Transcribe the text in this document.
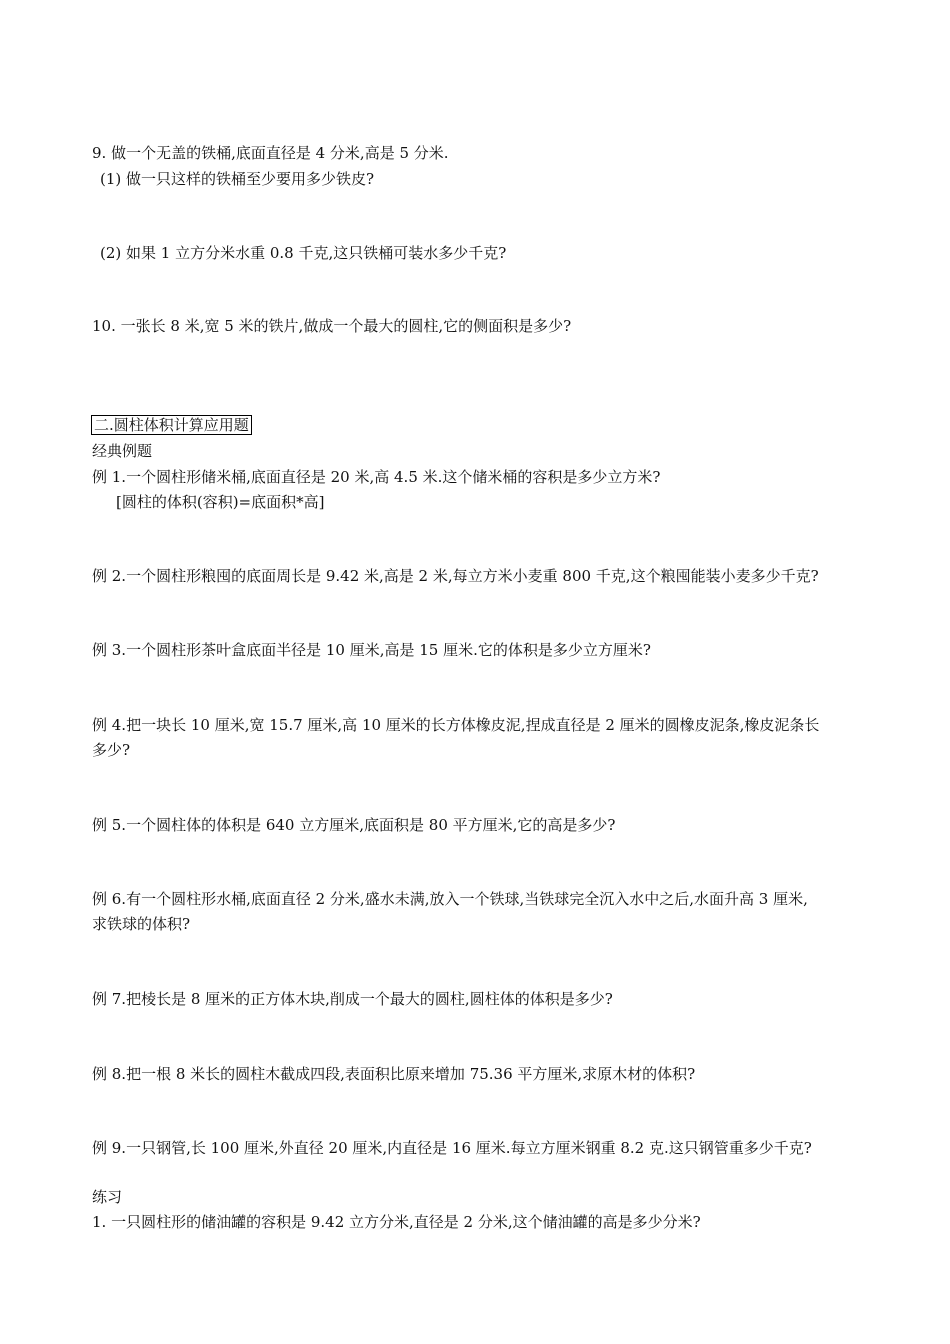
9. 做一个无盖的铁桶,底面直径是 4 分米,高是 5 分米.
(1) 做一只这样的铁桶至少要用多少铁皮?
(2) 如果 1 立方分米水重 0.8 千克,这只铁桶可装水多少千克?
10. 一张长 8 米,宽 5 米的铁片,做成一个最大的圆柱,它的侧面积是多少?
二.圆柱体积计算应用题
经典例题
例 1.一个圆柱形储米桶,底面直径是 20 米,高 4.5 米.这个储米桶的容积是多少立方米?
[圆柱的体积(容积)=底面积*高]
例 2.一个圆柱形粮囤的底面周长是 9.42 米,高是 2 米,每立方米小麦重 800 千克,这个粮囤能装小麦多少千克?
例 3.一个圆柱形茶叶盒底面半径是 10 厘米,高是 15 厘米.它的体积是多少立方厘米?
例 4.把一块长 10 厘米,宽 15.7 厘米,高 10 厘米的长方体橡皮泥,捏成直径是 2 厘米的圆橡皮泥条,橡皮泥条长
多少?
例 5.一个圆柱体的体积是 640 立方厘米,底面积是 80 平方厘米,它的高是多少?
例 6.有一个圆柱形水桶,底面直径 2 分米,盛水未满,放入一个铁球,当铁球完全沉入水中之后,水面升高 3 厘米,
求铁球的体积?
例 7.把棱长是 8 厘米的正方体木块,削成一个最大的圆柱,圆柱体的体积是多少?
例 8.把一根 8 米长的圆柱木截成四段,表面积比原来增加 75.36 平方厘米,求原木材的体积?
例 9.一只钢管,长 100 厘米,外直径 20 厘米,内直径是 16 厘米.每立方厘米钢重 8.2 克.这只钢管重多少千克?
练习
1. 一只圆柱形的储油罐的容积是 9.42 立方分米,直径是 2 分米,这个储油罐的高是多少分米?
